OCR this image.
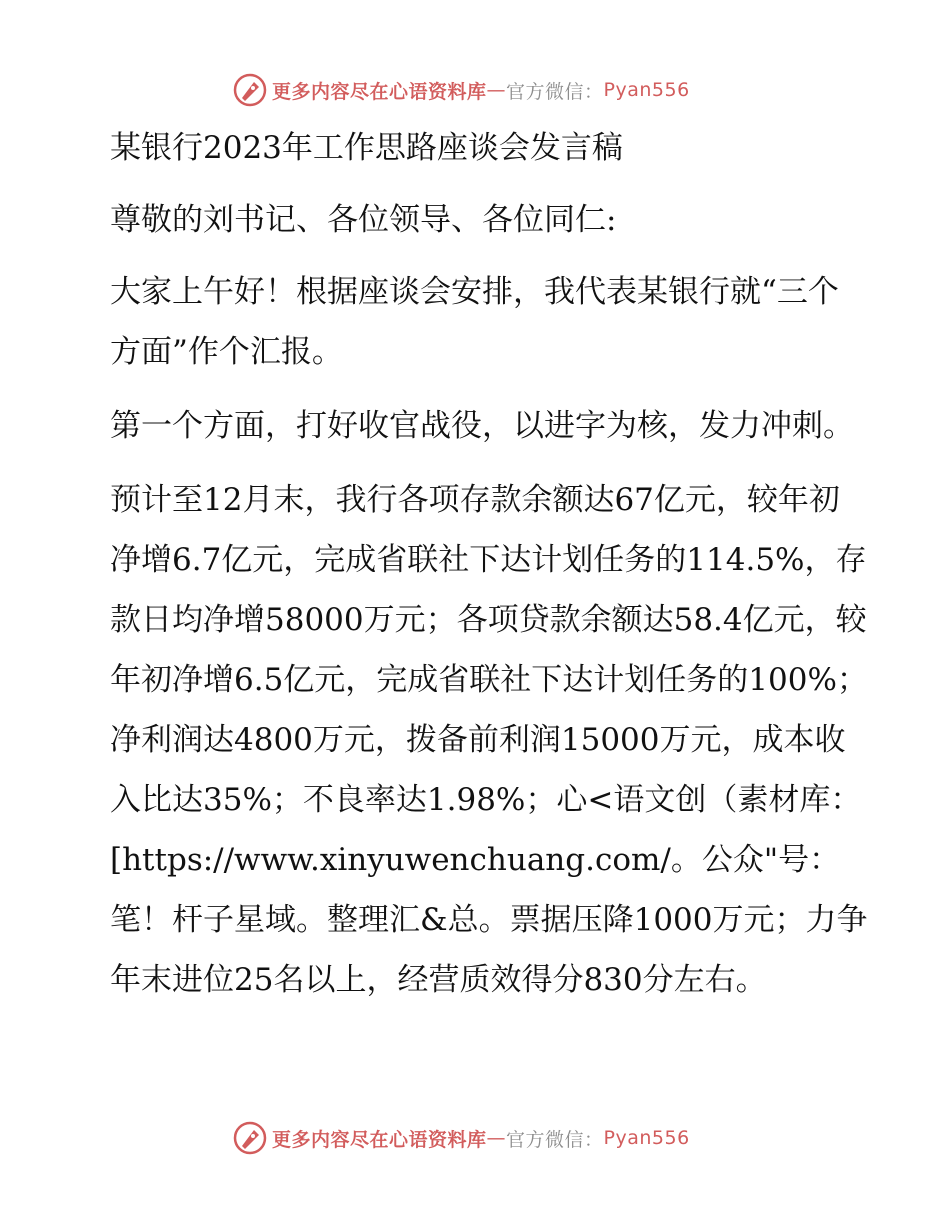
更多内容尽在心语资料库 — 官方微信： Pyan556

某银行2023年工作思路座谈会发言稿

尊敬的刘书记、各位领导、各位同仁:

大家上午好！根据座谈会安排，我代表某银行就“三个方面”作个汇报。

第一个方面，打好收官战役，以进字为核，发力冲刺。

预计至12月末，我行各项存款余额达67亿元，较年初净增6.7亿元，完成省联社下达计划任务的114.5%，存款日均净增58000万元；各项贷款余额达58.4亿元，较年初净增6.5亿元，完成省联社下达计划任务的100%；净利润达4800万元，拨备前利润15000万元，成本收入比达35%；不良率达1.98%；心<语文创（素材库：[https://www.xinyuwenchuang.com/。公众"号：笔！杆子星域。整理汇&总。票据压降1000万元；力争年末进位25名以上，经营质效得分830分左右。

更多内容尽在心语资料库 — 官方微信： Pyan556
